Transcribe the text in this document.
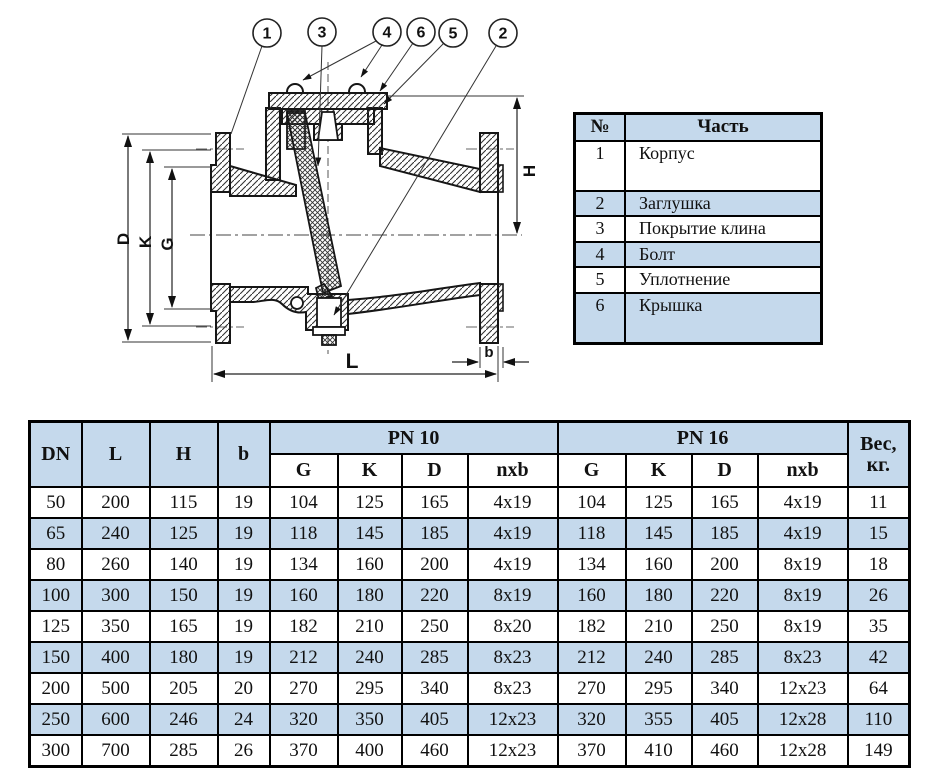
D K G
H
L	b
1	3	4 6 5	2
№	Часть
1	Корпус
2	Заглушка
3	Покрытие клина
4	Болт
5	Уплотнение
6	Крышка
DN	L	H	b	PN 10				PN 16				Вес,
кг.

				G	K	D	nxb	G	K	D	nxb	
50	200	115	19	104	125	165	4x19	104	125	165	4x19	11
65	240	125	19	118	145	185	4x19	118	145	185	4x19	15
80	260	140	19	134	160	200	4x19	134	160	200	8x19	18
100	300	150	19	160	180	220	8x19	160	180	220	8x19	26
125	350	165	19	182	210	250	8x20	182	210	250	8x19	35
150	400	180	19	212	240	285	8x23	212	240	285	8x23	42
200	500	205	20	270	295	340	8x23	270	295	340	12x23	64
250	600	246	24	320	350	405	12x23	320	355	405	12x28	110
300	700	285	26	370	400	460	12x23	370	410	460	12x28	149
